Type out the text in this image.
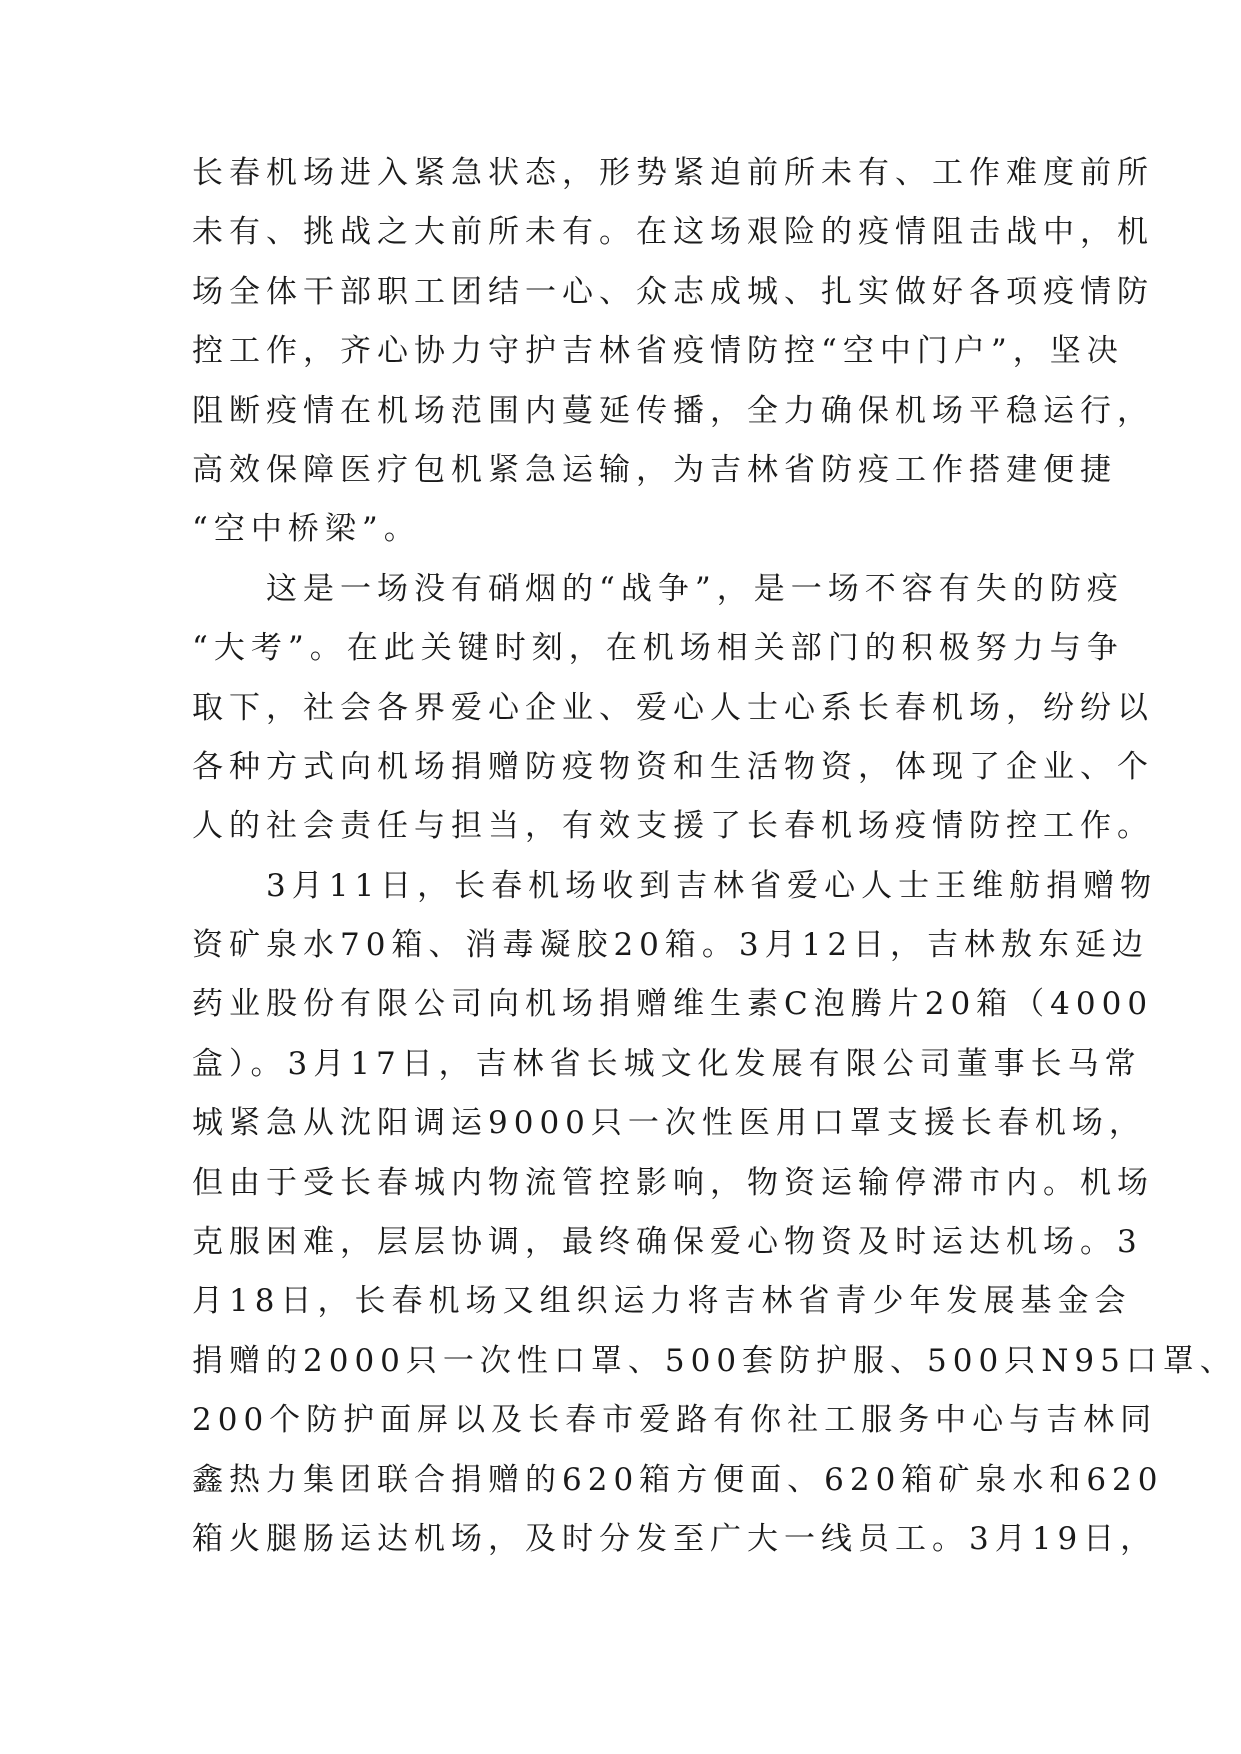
长春机场进入紧急状态，形势紧迫前所未有、工作难度前所
未有、挑战之大前所未有。在这场艰险的疫情阻击战中，机
场全体干部职工团结一心、众志成城、扎实做好各项疫情防
控工作，齐心协力守护吉林省疫情防控“空中门户”，坚决
阻断疫情在机场范围内蔓延传播，全力确保机场平稳运行，
高效保障医疗包机紧急运输，为吉林省防疫工作搭建便捷
“空中桥梁”。
　　这是一场没有硝烟的“战争”，是一场不容有失的防疫
“大考”。在此关键时刻，在机场相关部门的积极努力与争
取下，社会各界爱心企业、爱心人士心系长春机场，纷纷以
各种方式向机场捐赠防疫物资和生活物资，体现了企业、个
人的社会责任与担当，有效支援了长春机场疫情防控工作。
　　3月11日，长春机场收到吉林省爱心人士王维舫捐赠物
资矿泉水70箱、消毒凝胶20箱。3月12日，吉林敖东延边
药业股份有限公司向机场捐赠维生素C泡腾片20箱（4000
盒）。3月17日，吉林省长城文化发展有限公司董事长马常
城紧急从沈阳调运9000只一次性医用口罩支援长春机场，
但由于受长春城内物流管控影响，物资运输停滞市内。机场
克服困难，层层协调，最终确保爱心物资及时运达机场。3
月18日，长春机场又组织运力将吉林省青少年发展基金会
捐赠的2000只一次性口罩、500套防护服、500只N95口罩、
200个防护面屏以及长春市爱路有你社工服务中心与吉林同
鑫热力集团联合捐赠的620箱方便面、620箱矿泉水和620
箱火腿肠运达机场，及时分发至广大一线员工。3月19日，
